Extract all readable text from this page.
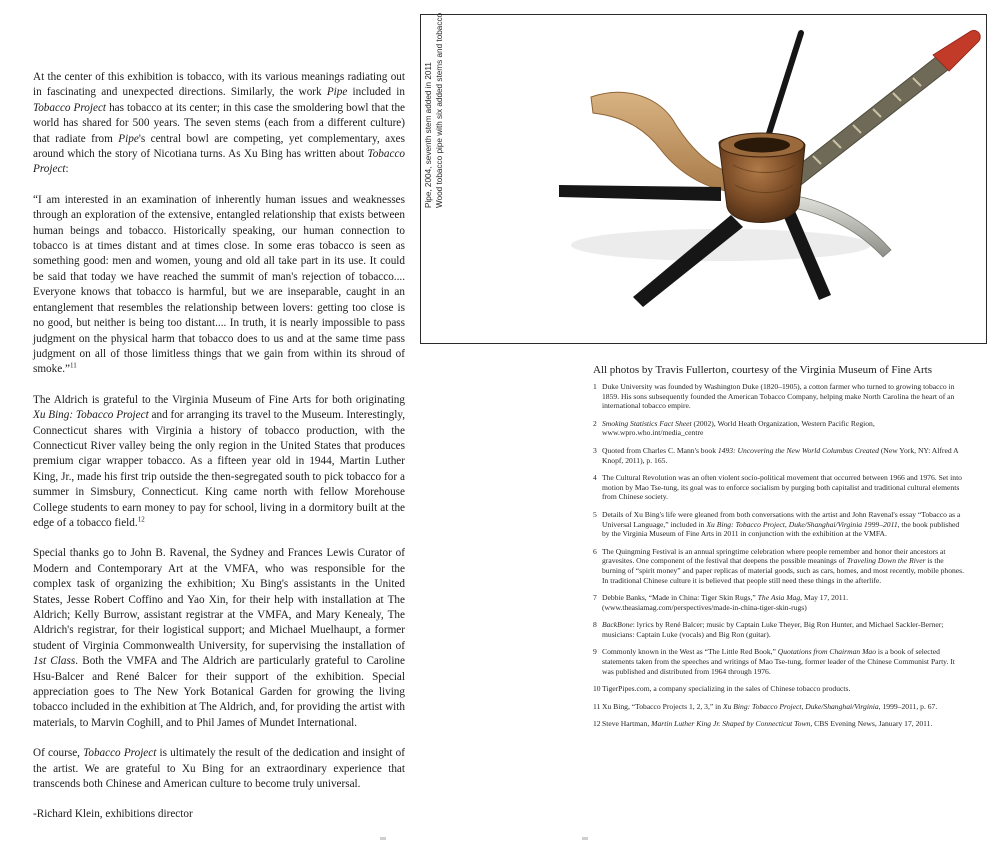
At the center of this exhibition is tobacco, with its various meanings radiating out in fascinating and unexpected directions. Similarly, the work Pipe included in Tobacco Project has tobacco at its center; in this case the smoldering bowl that the world has shared for 500 years. The seven stems (each from a different culture) that radiate from Pipe's central bowl are competing, yet complementary, axes around which the story of Nicotiana turns. As Xu Bing has written about Tobacco Project:

“I am interested in an examination of inherently human issues and weaknesses through an exploration of the extensive, entangled relationship that exists between human beings and tobacco. Historically speaking, our human connection to tobacco is at times distant and at times close. In some eras tobacco is seen as something good: men and women, young and old all take part in its use. It could be said that today we have reached the summit of man's rejection of tobacco.... Everyone knows that tobacco is harmful, but we are inseparable, caught in an entanglement that resembles the relationship between lovers: getting too close is no good, but neither is being too distant.... In truth, it is nearly impossible to pass judgment on the physical harm that tobacco does to us and at the same time pass judgment on all of those limitless things that we gain from within its shroud of smoke.”$^{11}$

The Aldrich is grateful to the Virginia Museum of Fine Arts for both originating Xu Bing: Tobacco Project and for arranging its travel to the Museum. Interestingly, Connecticut shares with Virginia a history of tobacco production, with the Connecticut River valley being the only region in the United States that produces premium cigar wrapper tobacco. As a fifteen year old in 1944, Martin Luther King, Jr., made his first trip outside the then-segregated south to pick tobacco for a summer in Simsbury, Connecticut. King came north with fellow Morehouse College students to earn money to pay for school, living in a dormitory built at the edge of a tobacco field.$^{12}$

Special thanks go to John B. Ravenal, the Sydney and Frances Lewis Curator of Modern and Contemporary Art at the VMFA, who was responsible for the complex task of organizing the exhibition; Xu Bing's assistants in the United States, Jesse Robert Coffino and Yao Xin, for their help with installation at The Aldrich; Kelly Burrow, assistant registrar at the VMFA, and Mary Kenealy, The Aldrich's registrar, for their logistical support; and Michael Muelhaupt, a former student of Virginia Commonwealth University, for supervising the installation of 1st Class. Both the VMFA and The Aldrich are particularly grateful to Caroline Hsu-Balcer and René Balcer for their support of the exhibition. Special appreciation goes to The New York Botanical Garden for growing the living tobacco included in the exhibition at The Aldrich, and, for providing the artist with materials, to Marvin Coghill, and to Phil James of Mundet International.

Of course, Tobacco Project is ultimately the result of the dedication and insight of the artist. We are grateful to Xu Bing for an extraordinary experience that transcends both Chinese and American culture to become truly universal.

-Richard Klein, exhibitions director

Pipe, 2004, seventh stem added in 2011 Wood tobacco pipe with six added stems and tobacco
All photos by Travis Fullerton, courtesy of the Virginia Museum of Fine Arts
1 Duke University was founded by Washington Duke (1820–1905), a cotton farmer who turned to growing tobacco in 1859. His sons subsequently founded the American Tobacco Company, helping make North Carolina the heart of an international tobacco empire.
2 Smoking Statistics Fact Sheet (2002), World Heath Organization, Western Pacific Region, www.wpro.who.int/media_centre
3 Quoted from Charles C. Mann's book 1493: Uncovering the New World Columbus Created (New York, NY: Alfred A Knopf, 2011), p. 165.
4 The Cultural Revolution was an often violent socio-political movement that occurred between 1966 and 1976. Set into motion by Mao Tse-tung, its goal was to enforce socialism by purging both capitalist and traditional cultural elements from Chinese society.
5 Details of Xu Bing's life were gleaned from both conversations with the artist and John Ravenal's essay “Tobacco as a Universal Language,” included in Xu Bing: Tobacco Project, Duke/Shanghai/Virginia 1999–2011, the book published by the Virginia Museum of Fine Arts in 2011 in conjunction with the exhibition at the VMFA.
6 The Quingming Festival is an annual springtime celebration where people remember and honor their ancestors at gravesites. One component of the festival that deepens the possible meanings of Traveling Down the River is the burning of “spirit money” and paper replicas of material goods, such as cars, homes, and most recently, mobile phones. In traditional Chinese culture it is believed that people still need these things in the afterlife.
7 Debbie Banks, “Made in China: Tiger Skin Rugs,” The Asia Mag, May 17, 2011. (www.theasiamag.com/perspectives/made-in-china-tiger-skin-rugs)
8 BackBone: lyrics by René Balcer; music by Captain Luke Theyer, Big Ron Hunter, and Michael Sackler-Berner; musicians: Captain Luke (vocals) and Big Ron (guitar).
9 Commonly known in the West as “The Little Red Book,” Quotations from Chairman Mao is a book of selected statements taken from the speeches and writings of Mao Tse-tung, former leader of the Chinese Communist Party. It was published and distributed from 1964 through 1976.
10 TigerPipes.com, a company specializing in the sales of Chinese tobacco products.
11 Xu Bing, “Tobacco Projects 1, 2, 3,” in Xu Bing: Tobacco Project, Duke/Shanghai/Virginia, 1999–2011, p. 67.
12 Steve Hartman, Martin Luther King Jr. Shaped by Connecticut Town, CBS Evening News, January 17, 2011.
